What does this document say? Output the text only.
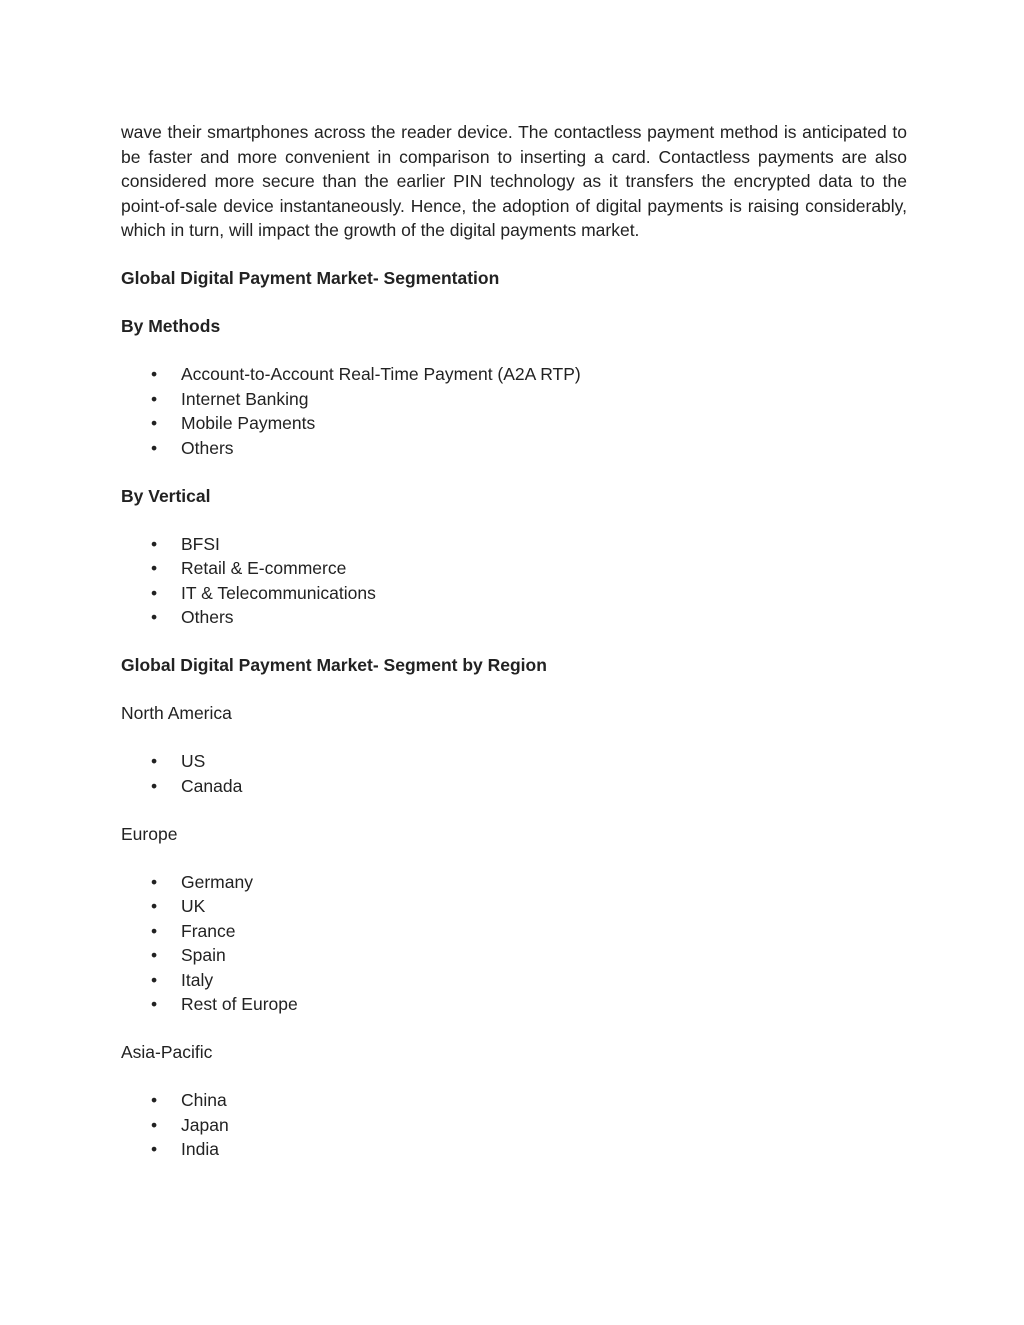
wave their smartphones across the reader device. The contactless payment method is anticipated to be faster and more convenient in comparison to inserting a card. Contactless payments are also considered more secure than the earlier PIN technology as it transfers the encrypted data to the point-of-sale device instantaneously. Hence, the adoption of digital payments is raising considerably, which in turn, will impact the growth of the digital payments market.

Global Digital Payment Market- Segmentation

By Methods

• Account-to-Account Real-Time Payment (A2A RTP)
• Internet Banking
• Mobile Payments
• Others

By Vertical

• BFSI
• Retail & E-commerce
• IT & Telecommunications
• Others

Global Digital Payment Market- Segment by Region

North America

• US
• Canada

Europe

• Germany
• UK
• France
• Spain
• Italy
• Rest of Europe

Asia-Pacific

• China
• Japan
• India
